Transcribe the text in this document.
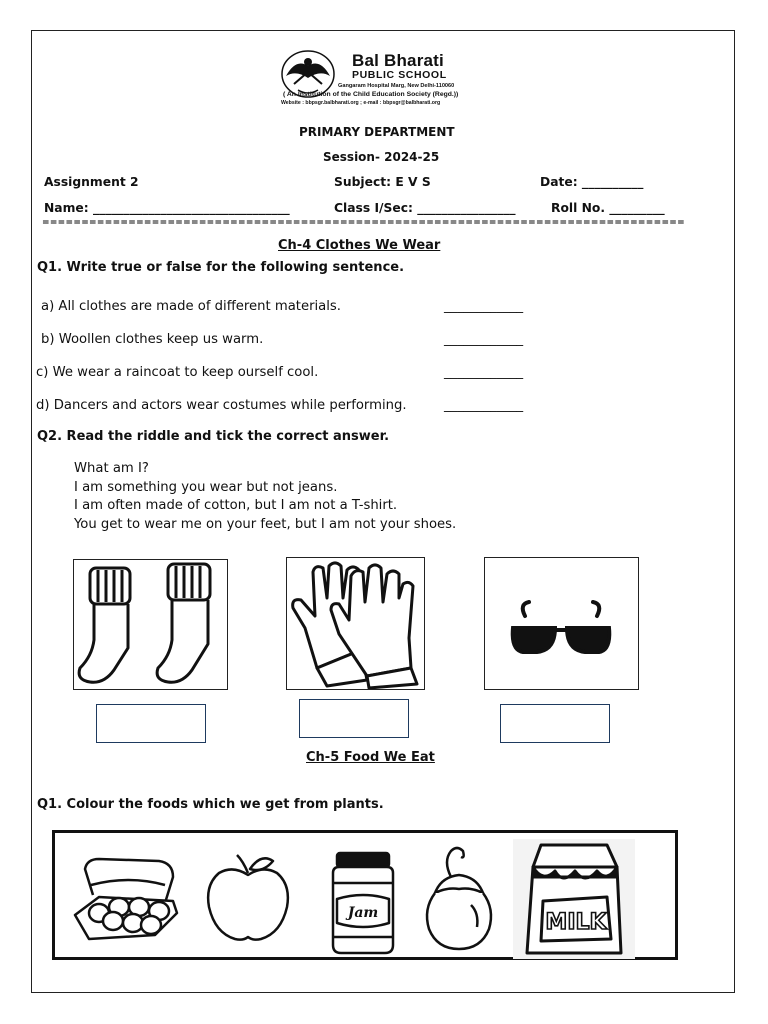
Bal Bharati
PUBLIC SCHOOL
Gangaram Hospital Marg, New Delhi-110060
( An Institution of the Child Education Society (Regd.))
Website : bbpsgr.balbharati.org ; e-mail : bbpsgr@balbharati.org
PRIMARY DEPARTMENT
Session- 2024-25
Assignment 2	Subject: E V S	Date: __________
Name: ________________________________	Class I/Sec: ________________	Roll No. _________
==================================================================================
Ch-4 Clothes We Wear
Q1. Write true or false for the following sentence.
a) All clothes are made of different materials.	____________
b) Woollen clothes keep us warm.	____________
c) We wear a raincoat to keep ourself cool.	____________
d) Dancers and actors wear costumes while performing.	____________
Q2. Read the riddle and tick the correct answer.
What am I?
I am something you wear but not jeans.
I am often made of cotton, but I am not a T-shirt.
You get to wear me on your feet, but I am not your shoes.
Ch-5 Food We Eat
Q1. Colour the foods which we get from plants.
Jam	MILK
